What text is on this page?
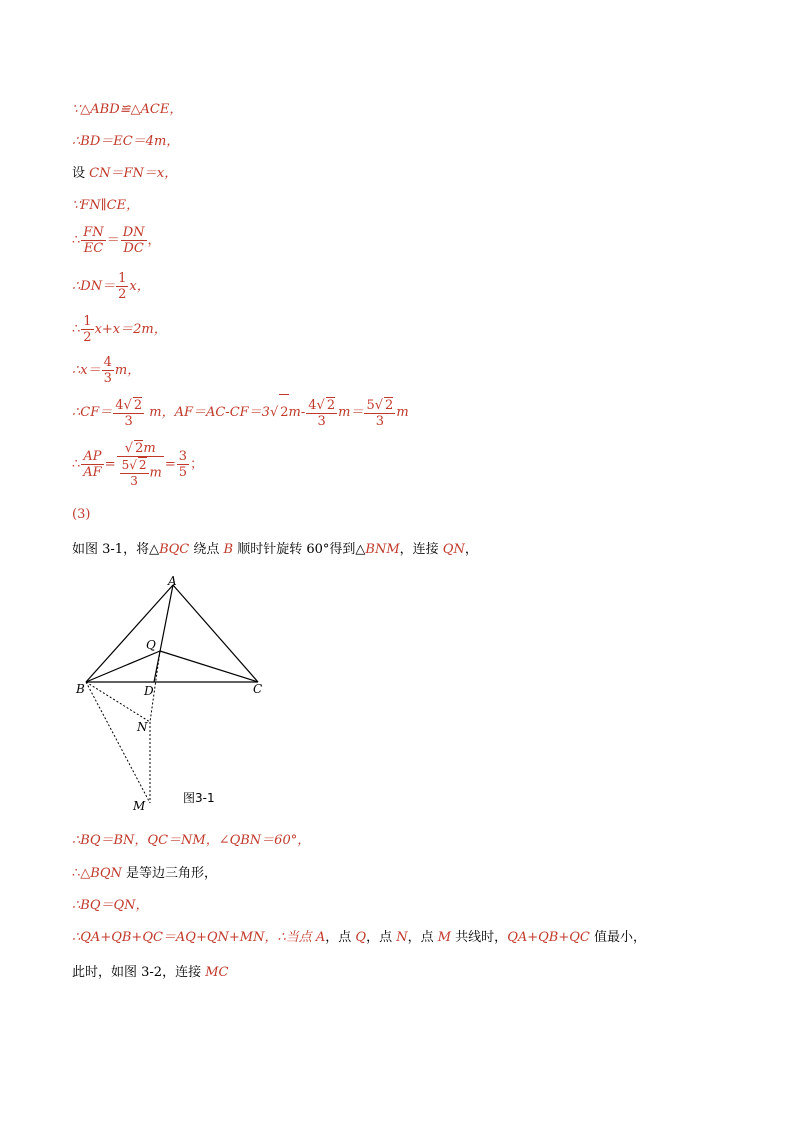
∵△ABD≌△ACE，
∴BD＝EC＝4m，
设 CN＝FN＝x，
∵FN∥CE，
∴ $\frac{FN}{EC} = \frac{DN}{DC}$ ，
∴DN＝ $\frac{1}{2}$ x，
∴ $\frac{1}{2} x+x=2m$，
∴x＝ $\frac{4}{3}$ m，
∴CF＝ $\frac{4√ 2}{3}$ m，AF＝AC-CF＝3√ $2m- \frac{4√ 2}{3} m= \frac{5√ 2}{3}$ m
∴ $\frac{AP}{AF} = \frac{√ 2m}{\frac{5√ 2}{3} m} = \frac{3}{5}$ ；
(3)
如图 3-1，将△BQC 绕点 B 顺时针旋转 60°得到△BNM，连接 QN，
A
Q
B	D	C
N
M
图3-1
∴BQ＝BN，QC＝NM，∠QBN＝60°，
∴△BQN 是等边三角形，
∴BQ＝QN，
∴QA+QB+QC＝AQ+QN+MN，∴当点 A，点 Q，点 N，点 M 共线时，QA+QB+QC 值最小，
此时，如图 3-2，连接 MC
